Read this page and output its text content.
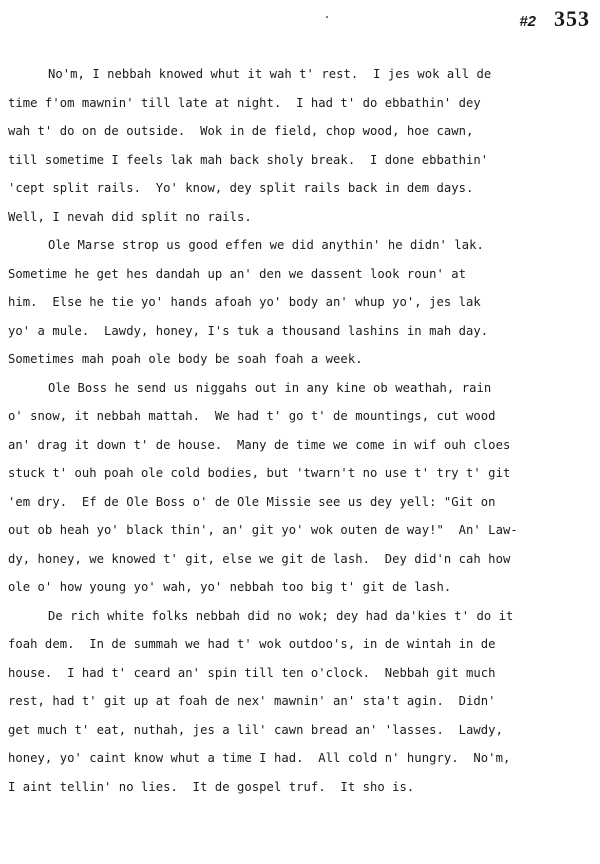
#2 353
No'm, I nebbah knowed whut it wah t' rest.  I jes wok all de
time f'om mawnin' till late at night.  I had t' do ebbathin' dey
wah t' do on de outside.  Wok in de field, chop wood, hoe cawn,
till sometime I feels lak mah back sholy break.  I done ebbathin'
'cept split rails.  Yo' know, dey split rails back in dem days.
Well, I nevah did split no rails.
Ole Marse strop us good effen we did anythin' he didn' lak.
Sometime he get hes dandah up an' den we dassent look roun' at
him.  Else he tie yo' hands afoah yo' body an' whup yo', jes lak
yo' a mule.  Lawdy, honey, I's tuk a thousand lashins in mah day.
Sometimes mah poah ole body be soah foah a week.
Ole Boss he send us niggahs out in any kine ob weathah, rain
o' snow, it nebbah mattah.  We had t' go t' de mountings, cut wood
an' drag it down t' de house.  Many de time we come in wif ouh cloes
stuck t' ouh poah ole cold bodies, but 'twarn't no use t' try t' git
'em dry.  Ef de Ole Boss o' de Ole Missie see us dey yell: "Git on
out ob heah yo' black thin', an' git yo' wok outen de way!"  An' Law-
dy, honey, we knowed t' git, else we git de lash.  Dey did'n cah how
ole o' how young yo' wah, yo' nebbah too big t' git de lash.
De rich white folks nebbah did no wok; dey had da'kies t' do it
foah dem.  In de summah we had t' wok outdoo's, in de wintah in de
house.  I had t' ceard an' spin till ten o'clock.  Nebbah git much
rest, had t' git up at foah de nex' mawnin' an' sta't agin.  Didn'
get much t' eat, nuthah, jes a lil' cawn bread an' 'lasses.  Lawdy,
honey, yo' caint know whut a time I had.  All cold n' hungry.  No'm,
I aint tellin' no lies.  It de gospel truf.  It sho is.
